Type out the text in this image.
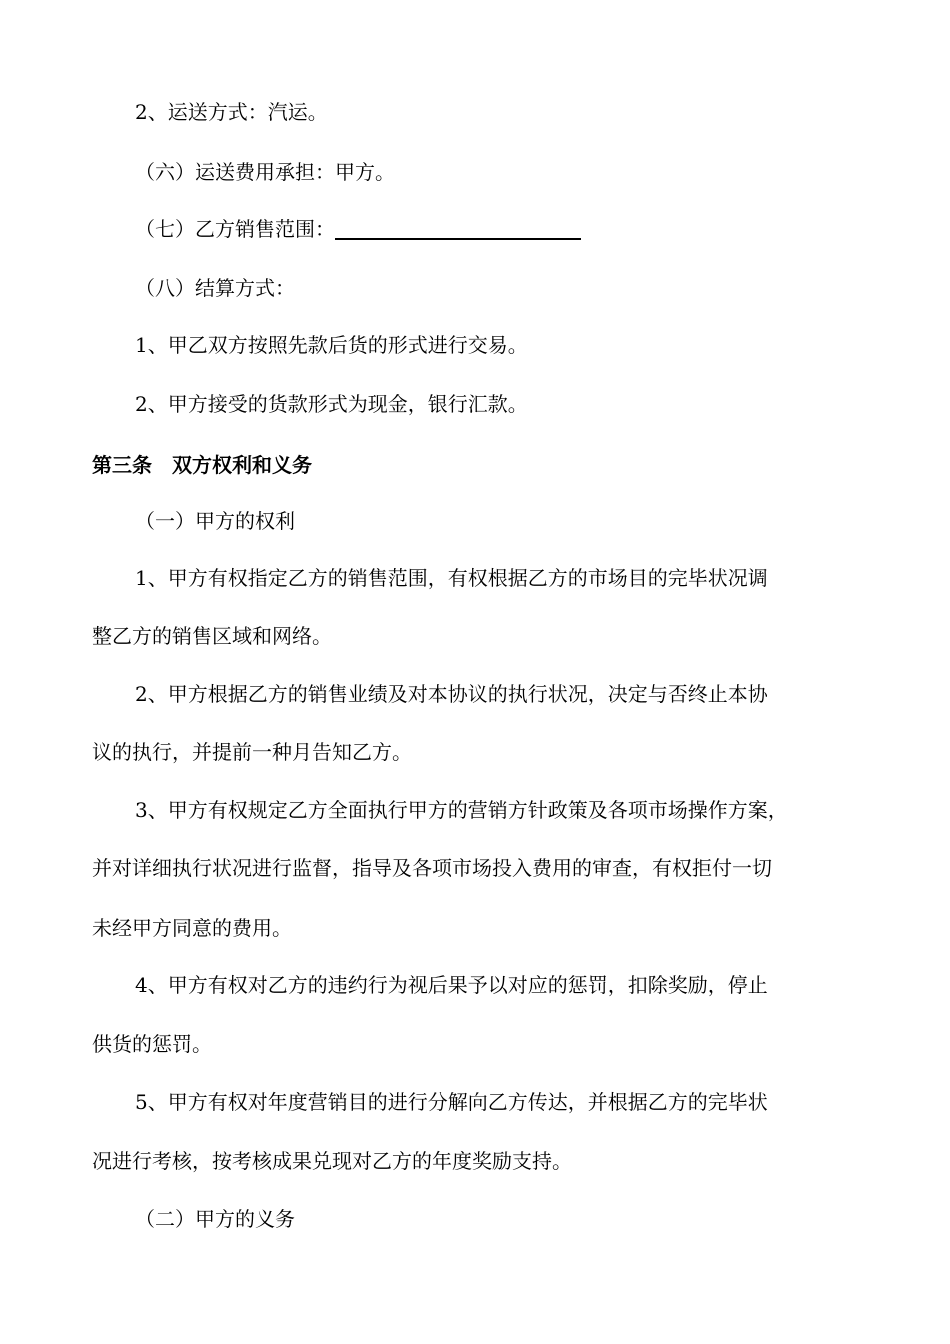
2、运送方式：汽运。
（六）运送费用承担：甲方。
（七）乙方销售范围：
（八）结算方式：
1、甲乙双方按照先款后货的形式进行交易。
2、甲方接受的货款形式为现金，银行汇款。
第三条　双方权利和义务
（一）甲方的权利
1、甲方有权指定乙方的销售范围，有权根据乙方的市场目的完毕状况调
整乙方的销售区域和网络。
2、甲方根据乙方的销售业绩及对本协议的执行状况，决定与否终止本协
议的执行，并提前一种月告知乙方。
3、甲方有权规定乙方全面执行甲方的营销方针政策及各项市场操作方案，
并对详细执行状况进行监督，指导及各项市场投入费用的审查，有权拒付一切
未经甲方同意的费用。
4、甲方有权对乙方的违约行为视后果予以对应的惩罚，扣除奖励，停止
供货的惩罚。
5、甲方有权对年度营销目的进行分解向乙方传达，并根据乙方的完毕状
况进行考核，按考核成果兑现对乙方的年度奖励支持。
（二）甲方的义务
